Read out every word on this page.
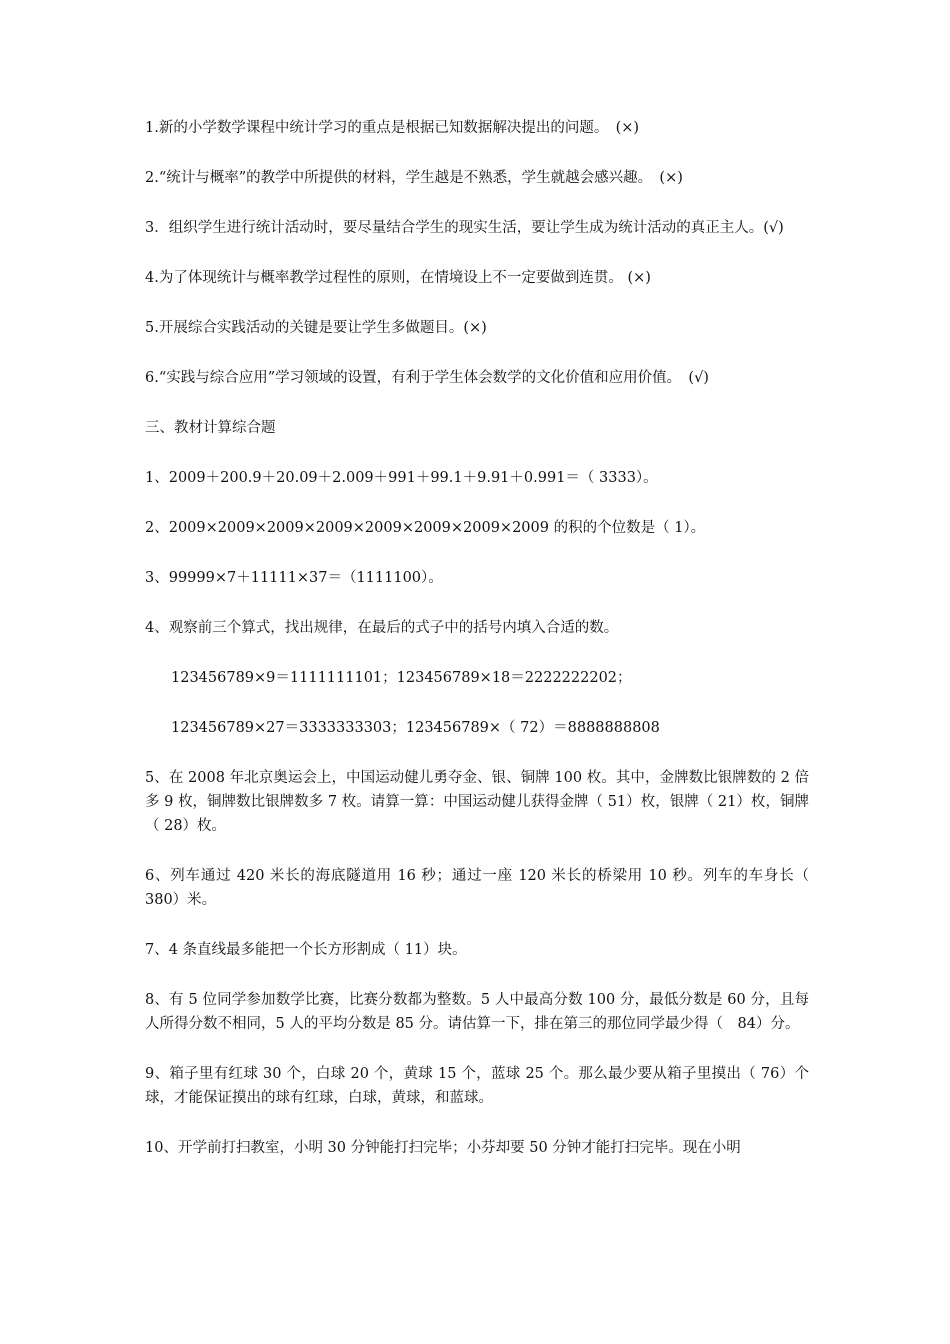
1.新的小学数学课程中统计学习的重点是根据已知数据解决提出的问题。　(×)

2.“统计与概率”的教学中所提供的材料，学生越是不熟悉，学生就越会感兴趣。　(×)

3．组织学生进行统计活动时，要尽量结合学生的现实生活，要让学生成为统计活动的真正主人。(√)

4.为了体现统计与概率教学过程性的原则，在情境设上不一定要做到连贯。 (×)

5.开展综合实践活动的关键是要让学生多做题目。(×)

6.“实践与综合应用”学习领域的设置，有利于学生体会数学的文化价值和应用价值。　(√)

三、教材计算综合题

1、2009＋200.9＋20.09＋2.009＋991＋99.1＋9.91＋0.991＝（ 3333）。

2、2009×2009×2009×2009×2009×2009×2009×2009 的积的个位数是（ 1）。

3、99999×7＋11111×37＝（1111100）。

4、观察前三个算式，找出规律，在最后的式子中的括号内填入合适的数。

123456789×9＝1111111101；123456789×18＝2222222202；

123456789×27＝3333333303；123456789×（ 72）＝8888888808

5、在 2008 年北京奥运会上，中国运动健儿勇夺金、银、铜牌 100 枚。其中，金牌数比银牌数的 2 倍多 9 枚，铜牌数比银牌数多 7 枚。请算一算：中国运动健儿获得金牌（ 51）枚，银牌（ 21）枚，铜牌（ 28）枚。

6、列车通过 420 米长的海底隧道用 16 秒；通过一座 120 米长的桥梁用 10 秒。列车的车身长（ 380）米。

7、4 条直线最多能把一个长方形割成（ 11）块。

8、有 5 位同学参加数学比赛，比赛分数都为整数。5 人中最高分数 100 分，最低分数是 60 分，且每人所得分数不相同，5 人的平均分数是 85 分。请估算一下，排在第三的那位同学最少得（　84）分。

9、箱子里有红球 30 个，白球 20 个，黄球 15 个，蓝球 25 个。那么最少要从箱子里摸出（ 76）个球，才能保证摸出的球有红球，白球，黄球，和蓝球。

10、开学前打扫教室，小明 30 分钟能打扫完毕；小芬却要 50 分钟才能打扫完毕。现在小明
